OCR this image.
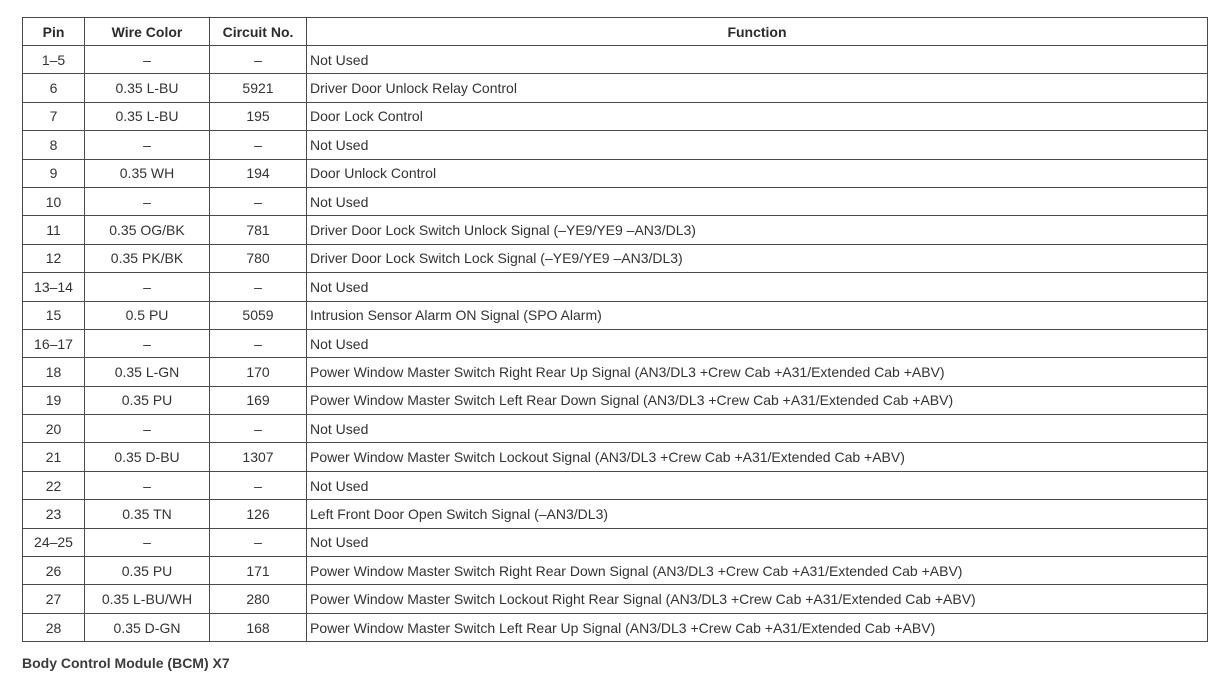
Pin	Wire Color	Circuit No.	Function
1–5	–	–	Not Used
6	0.35 L-BU	5921	Driver Door Unlock Relay Control
7	0.35 L-BU	195	Door Lock Control
8	–	–	Not Used
9	0.35 WH	194	Door Unlock Control
10	–	–	Not Used
11	0.35 OG/BK	781	Driver Door Lock Switch Unlock Signal (–YE9/YE9 –AN3/DL3)
12	0.35 PK/BK	780	Driver Door Lock Switch Lock Signal (–YE9/YE9 –AN3/DL3)
13–14	–	–	Not Used
15	0.5 PU	5059	Intrusion Sensor Alarm ON Signal (SPO Alarm)
16–17	–	–	Not Used
18	0.35 L-GN	170	Power Window Master Switch Right Rear Up Signal (AN3/DL3 +Crew Cab +A31/Extended Cab +ABV)
19	0.35 PU	169	Power Window Master Switch Left Rear Down Signal (AN3/DL3 +Crew Cab +A31/Extended Cab +ABV)
20	–	–	Not Used
21	0.35 D-BU	1307	Power Window Master Switch Lockout Signal (AN3/DL3 +Crew Cab +A31/Extended Cab +ABV)
22	–	–	Not Used
23	0.35 TN	126	Left Front Door Open Switch Signal (–AN3/DL3)
24–25	–	–	Not Used
26	0.35 PU	171	Power Window Master Switch Right Rear Down Signal (AN3/DL3 +Crew Cab +A31/Extended Cab +ABV)
27	0.35 L-BU/WH	280	Power Window Master Switch Lockout Right Rear Signal (AN3/DL3 +Crew Cab +A31/Extended Cab +ABV)
28	0.35 D-GN	168	Power Window Master Switch Left Rear Up Signal (AN3/DL3 +Crew Cab +A31/Extended Cab +ABV)
Body Control Module (BCM) X7
